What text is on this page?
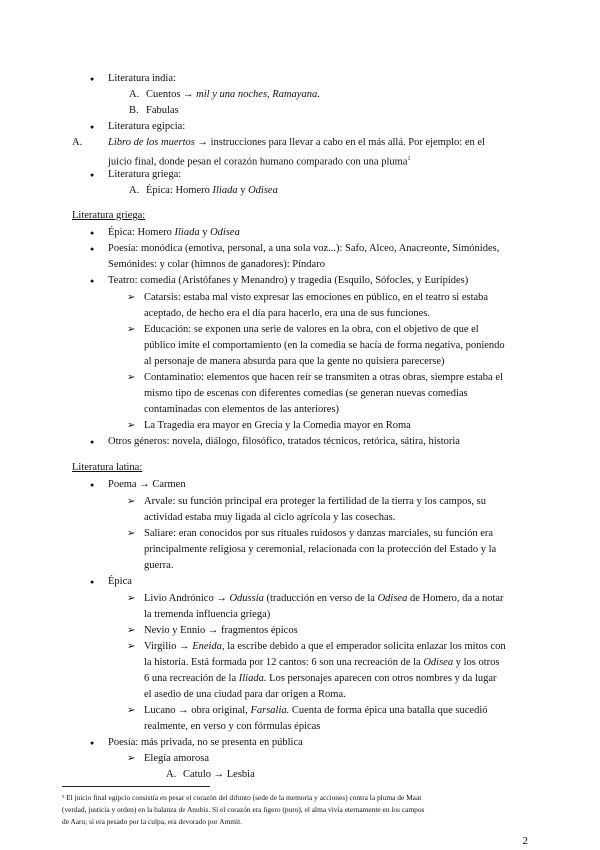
● Literatura india:
A. Cuentos → mil y una noches, Ramayana.
B. Fabulas
● Literatura egipcia:
A. Libro de los muertos → instrucciones para llevar a cabo en el más allá. Por ejemplo: en el
juicio final, donde pesan el corazón humano comparado con una pluma$^1$
● Literatura griega:
A. Épica: Homero Iliada y Odisea
Literatura griega:
● Épica: Homero Iliada y Odisea
● Poesía: monódica (emotiva, personal, a una sola voz...): Safo, Alceo, Anacreonte, Simónides,
Semónides: y colar (himnos de ganadores): Píndaro
● Teatro: comedia (Aristófanes y Menandro) y tragedia (Esquilo, Sófocles, y Eurípides)
➢ Catarsis: estaba mal visto expresar las emociones en público, en el teatro si estaba
aceptado, de hecho era el día para hacerlo, era una de sus funciones.
➢ Educación: se exponen una serie de valores en la obra, con el objetivo de que el
público imite el comportamiento (en la comedia se hacía de forma negativa, poniendo
al personaje de manera absurda para que la gente no quisiera parecerse)
➢ Contaminatio: elementos que hacen reír se transmiten a otras obras, siempre estaba el
mismo tipo de escenas con diferentes comedias (se generan nuevas comedias
contaminadas con elementos de las anteriores)
➢ La Tragedia era mayor en Grecia y la Comedia mayor en Roma
● Otros géneros: novela, diálogo, filosófico, tratados técnicos, retórica, sátira, historia
Literatura latina:
● Poema → Carmen
➢ Arvale: su función principal era proteger la fertilidad de la tierra y los campos, su
actividad estaba muy ligada al ciclo agrícola y las cosechas.
➢ Saliare: eran conocidos por sus rituales ruidosos y danzas marciales, su función era
principalmente religiosa y ceremonial, relacionada con la protección del Estado y la
guerra.
● Épica
➢ Livio Andrónico → Odussia (traducción en verso de la Odisea de Homero, da a notar
la tremenda influencia griega)
➢ Nevio y Ennio → fragmentos épicos
➢ Virgilio → Eneida, la escribe debido a que el emperador solicita enlazar los mitos con
la historia. Está formada por 12 cantos: 6 son una recreación de la Odisea y los otros
6 una recreación de la Iliada. Los personajes aparecen con otros nombres y da lugar
el asedio de una ciudad para dar origen a Roma.
➢ Lucano → obra original, Farsalia. Cuenta de forma épica una batalla que sucedió
realmente, en verso y con fórmulas épicas
● Poesía: más privada, no se presenta en pública
➢ Elegía amorosa
A. Catulo → Lesbia
¹ El juicio final egipcio consistía en pesar el corazón del difunto (sede de la memoria y acciones) contra la pluma de Maat
(verdad, justicia y orden) en la balanza de Anubis. Si el corazón era ligero (puro), el alma vivía eternamente en los campos
de Aaru; si era pesado por la culpa, era devorado por Ammit.
2
